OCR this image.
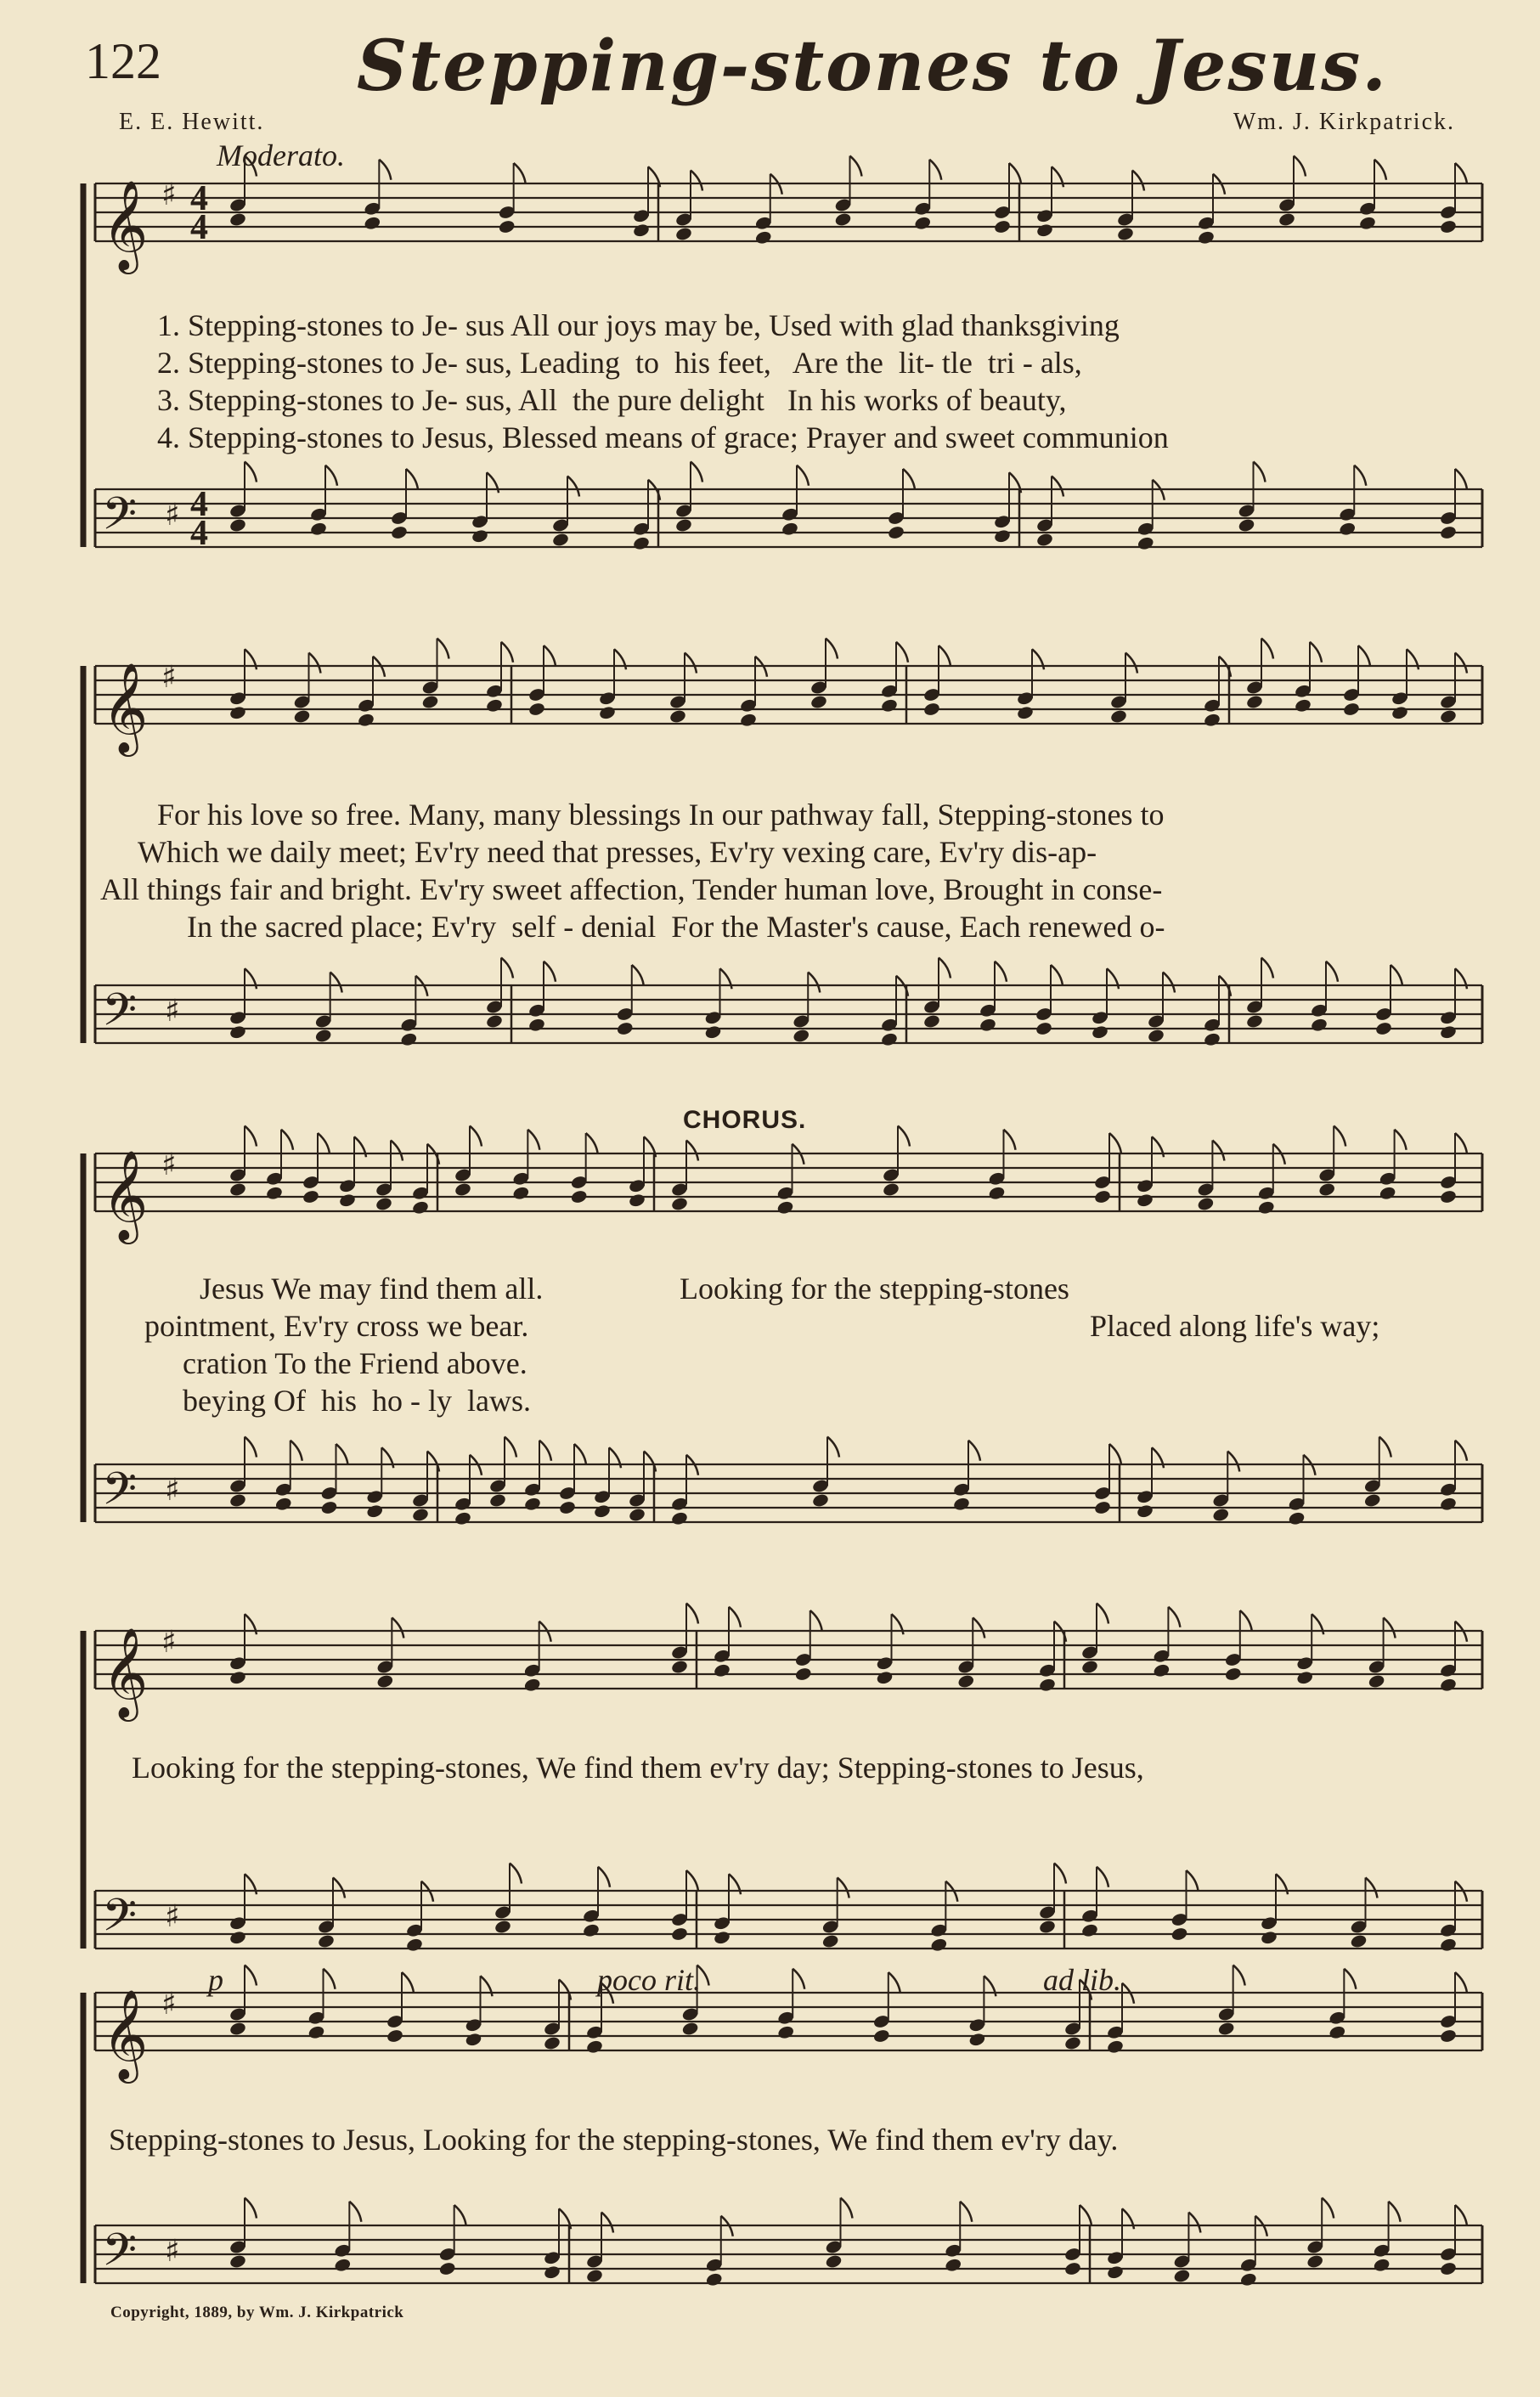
122	Stepping-stones to Jesus.
E. E. Hewitt.	Wm. J. Kirkpatrick.
Moderato.
𝄞
𝄢
♯
♯
4
4
4
4
𝄞
𝄢
♯
♯
𝄞
𝄢
♯
♯
𝄞
𝄢
♯
♯
𝄞
𝄢
♯
♯
1. Stepping-stones to Je- sus All our joys may be, Used with glad thanksgiving
2. Stepping-stones to Je- sus, Leading  to  his feet,   Are the  lit- tle  tri - als,
3. Stepping-stones to Je- sus, All  the pure delight   In his works of beauty,
4. Stepping-stones to Jesus, Blessed means of grace; Prayer and sweet communion
For his love so free. Many, many blessings In our pathway fall, Stepping-stones to
Which we daily meet; Ev'ry need that presses, Ev'ry vexing care, Ev'ry dis-ap-
All things fair and bright. Ev'ry sweet affection, Tender human love, Brought in conse-
In the sacred place; Ev'ry  self - denial  For the Master's cause, Each renewed o-
CHORUS.
Jesus We may find them all.
pointment, Ev'ry cross we bear.
cration To the Friend above.
beying Of  his  ho - ly  laws.
Looking for the stepping-stones
Placed along life's way;
Looking for the stepping-stones, We find them ev'ry day; Stepping-stones to Jesus,
p	poco rit.	ad lib.
Stepping-stones to Jesus, Looking for the stepping-stones, We find them ev'ry day.
Copyright, 1889, by Wm. J. Kirkpatrick
